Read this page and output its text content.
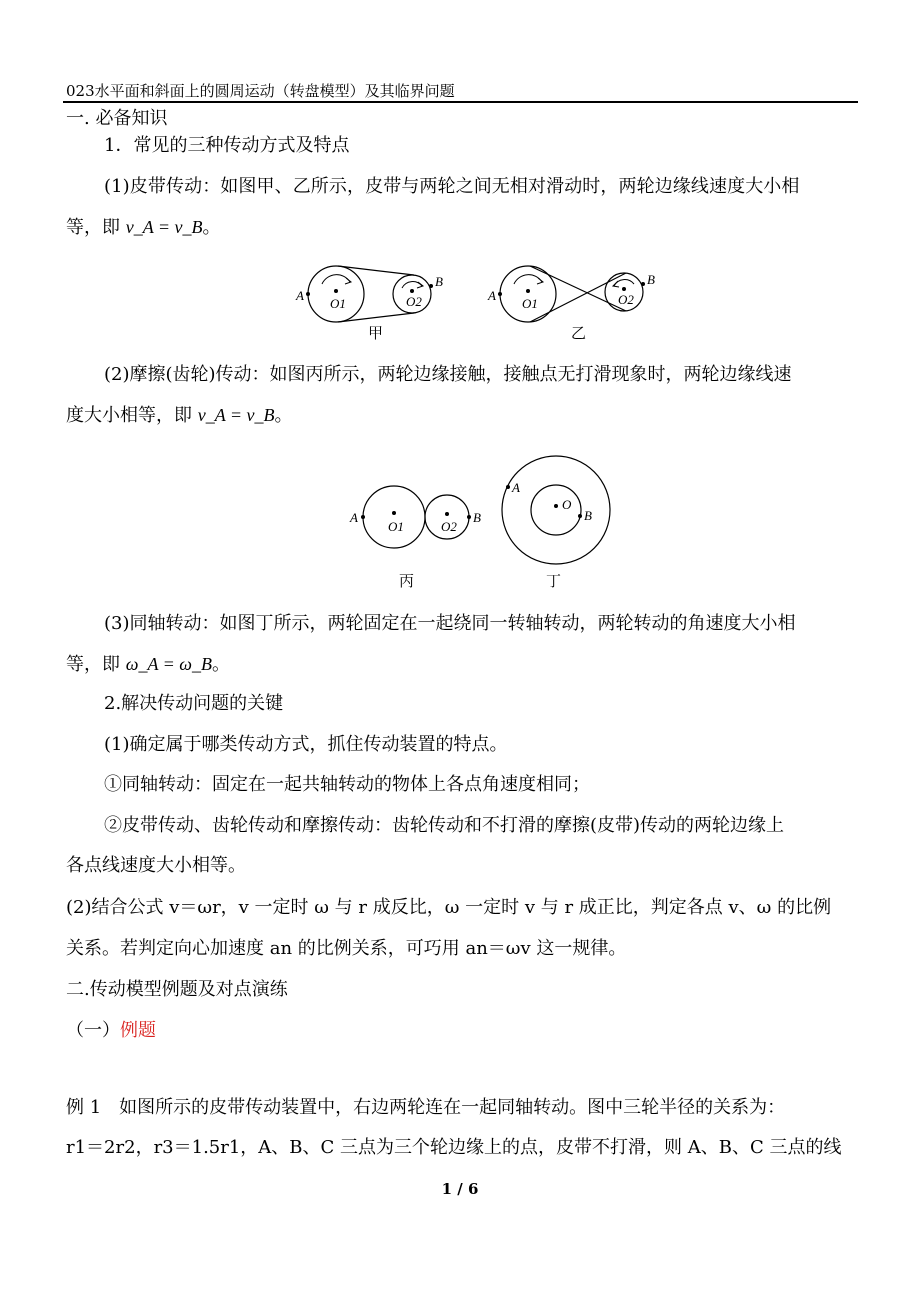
023水平面和斜面上的圆周运动（转盘模型）及其临界问题
一. 必备知识
1．常见的三种传动方式及特点
(1)皮带传动：如图甲、乙所示，皮带与两轮之间无相对滑动时，两轮边缘线速度大小相
等，即 v_A = v_B。
A
B
O1	O2
甲
A
B
O1	O2
乙
(2)摩擦(齿轮)传动：如图丙所示，两轮边缘接触，接触点无打滑现象时，两轮边缘线速
度大小相等，即 v_A = v_B。
A	B
O1	O2
丙
A
O
B
丁
(3)同轴转动：如图丁所示，两轮固定在一起绕同一转轴转动，两轮转动的角速度大小相
等，即 ω_A = ω_B。
2.解决传动问题的关键
(1)确定属于哪类传动方式，抓住传动装置的特点。
①同轴转动：固定在一起共轴转动的物体上各点角速度相同；
②皮带传动、齿轮传动和摩擦传动：齿轮传动和不打滑的摩擦(皮带)传动的两轮边缘上
各点线速度大小相等。
(2)结合公式 v＝ωr，v 一定时 ω 与 r 成反比，ω 一定时 v 与 r 成正比，判定各点 v、ω 的比例
关系。若判定向心加速度 an 的比例关系，可巧用 an＝ωv 这一规律。
二.传动模型例题及对点演练
（一）例题
例 1　如图所示的皮带传动装置中，右边两轮连在一起同轴转动。图中三轮半径的关系为：
r1＝2r2，r3＝1.5r1，A、B、C 三点为三个轮边缘上的点，皮带不打滑，则 A、B、C 三点的线
1 / 6
